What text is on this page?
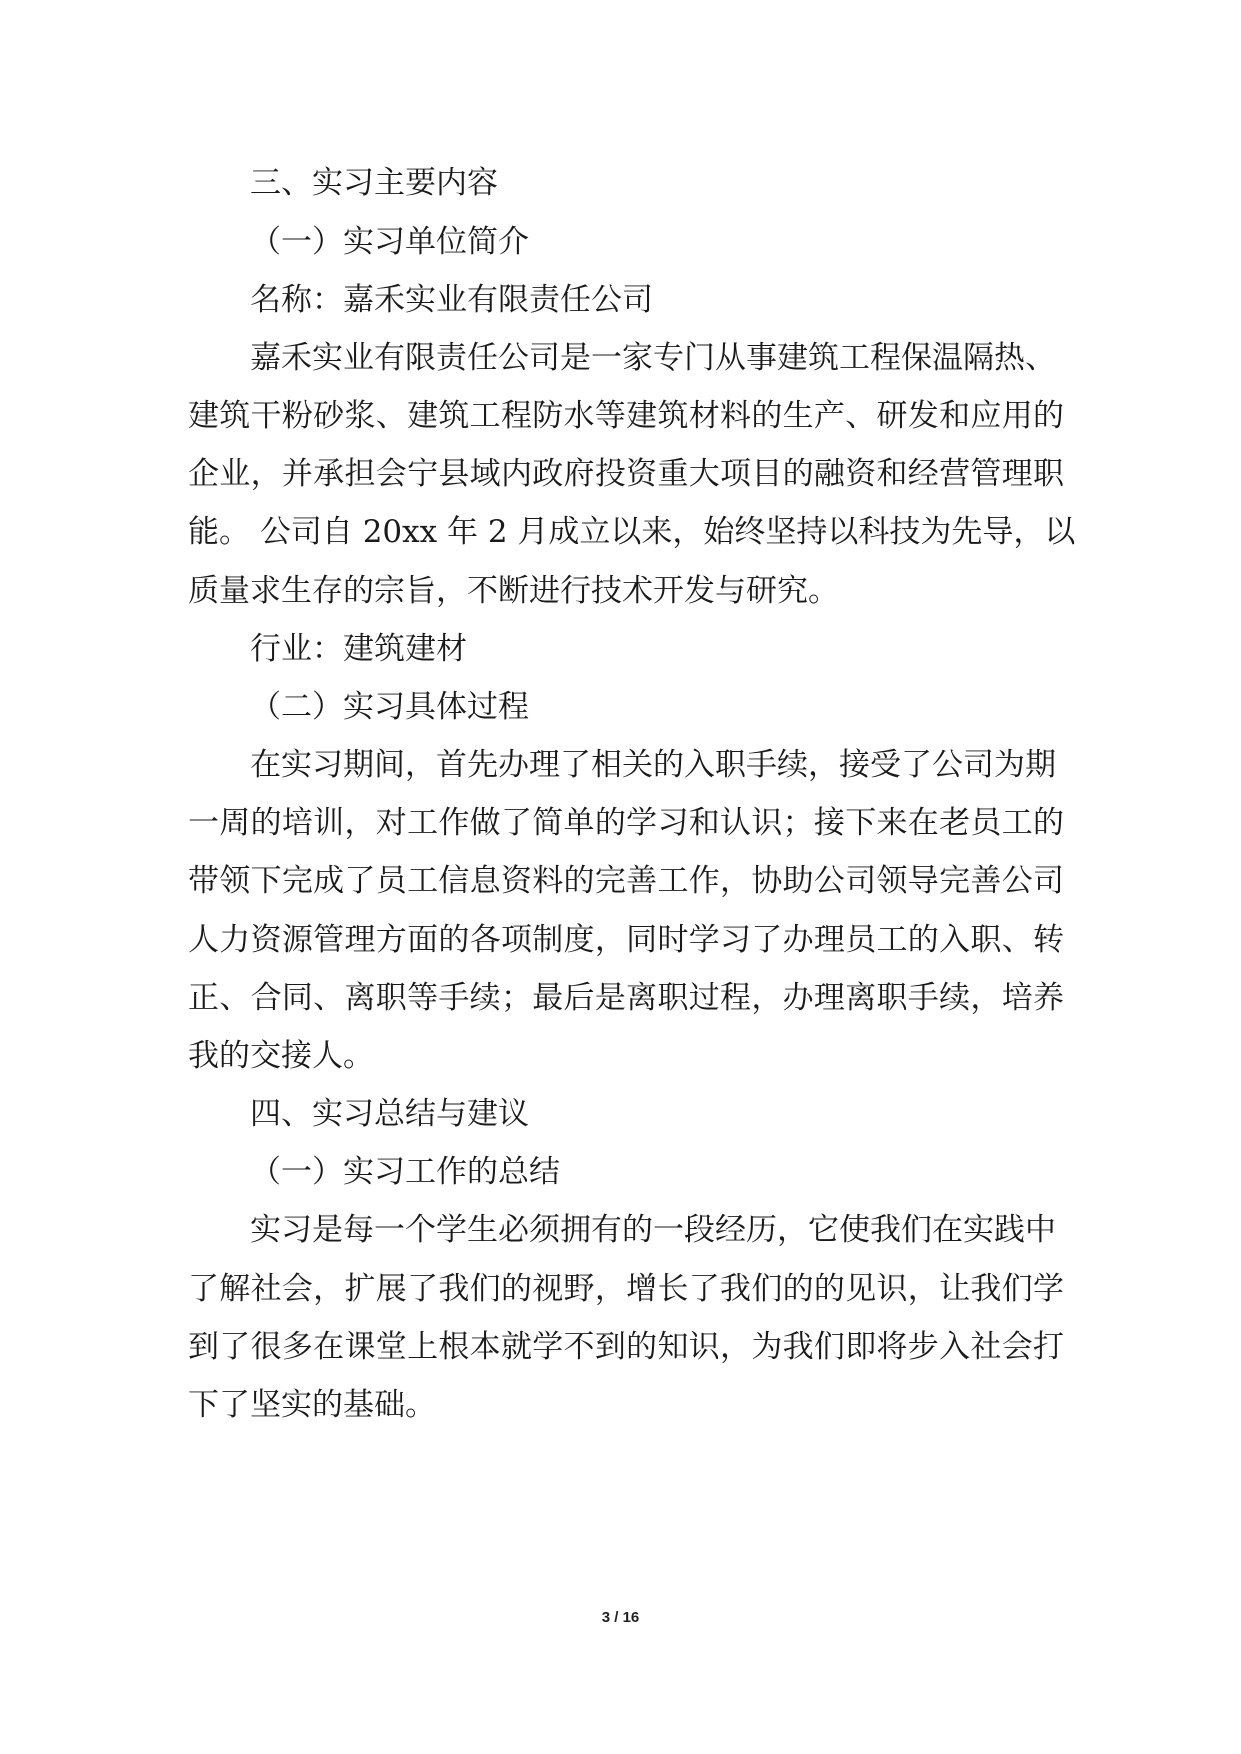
三、实习主要内容

（一）实习单位简介

名称：嘉禾实业有限责任公司

嘉禾实业有限责任公司是一家专门从事建筑工程保温隔热、

建筑干粉砂浆、建筑工程防水等建筑材料的生产、研发和应用的

企业，并承担会宁县域内政府投资重大项目的融资和经营管理职

能。 公司自 20xx 年 2 月成立以来，始终坚持以科技为先导，以

质量求生存的宗旨，不断进行技术开发与研究。

行业：建筑建材

（二）实习具体过程

在实习期间，首先办理了相关的入职手续，接受了公司为期

一周的培训，对工作做了简单的学习和认识；接下来在老员工的

带领下完成了员工信息资料的完善工作，协助公司领导完善公司

人力资源管理方面的各项制度，同时学习了办理员工的入职、转

正、合同、离职等手续；最后是离职过程，办理离职手续，培养

我的交接人。

四、实习总结与建议

（一）实习工作的总结

实习是每一个学生必须拥有的一段经历，它使我们在实践中

了解社会，扩展了我们的视野，增长了我们的的见识，让我们学

到了很多在课堂上根本就学不到的知识，为我们即将步入社会打

下了坚实的基础。

3 / 16
